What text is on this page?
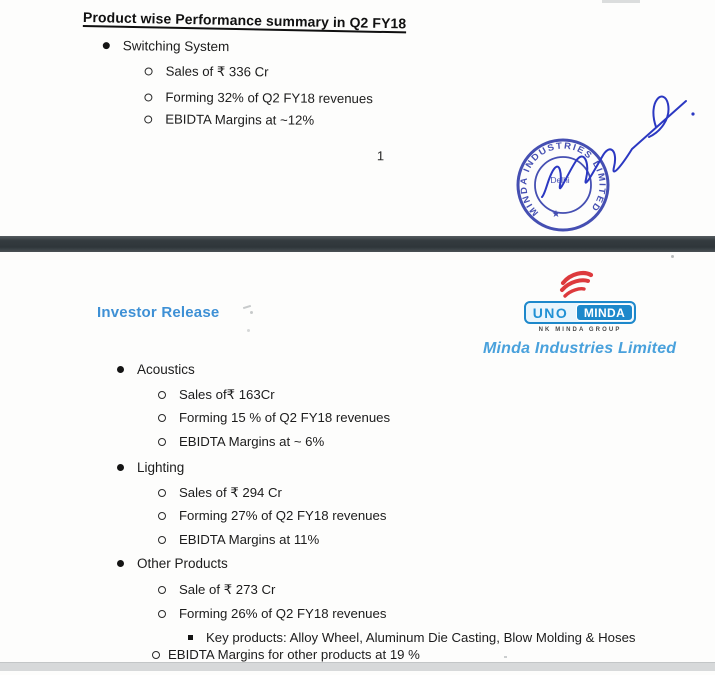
Product wise Performance summary in Q2 FY18
Switching System
Sales of ₹ 336 Cr
Forming 32% of Q2 FY18 revenues
EBIDTA Margins at ~12%
1
MINDA INDUSTRIES LIMITED
Delhi
★
Investor Release	UNO	MINDA
NK MINDA GROUP
Minda Industries Limited
Acoustics
Sales of₹ 163Cr
Forming 15 % of Q2 FY18 revenues
EBIDTA Margins at ~ 6%
Lighting
Sales of ₹ 294 Cr
Forming 27% of Q2 FY18 revenues
EBIDTA Margins at 11%
Other Products
Sale of ₹ 273 Cr
Forming 26% of Q2 FY18 revenues
Key products: Alloy Wheel, Aluminum Die Casting, Blow Molding & Hoses
EBIDTA Margins for other products at 19 %
